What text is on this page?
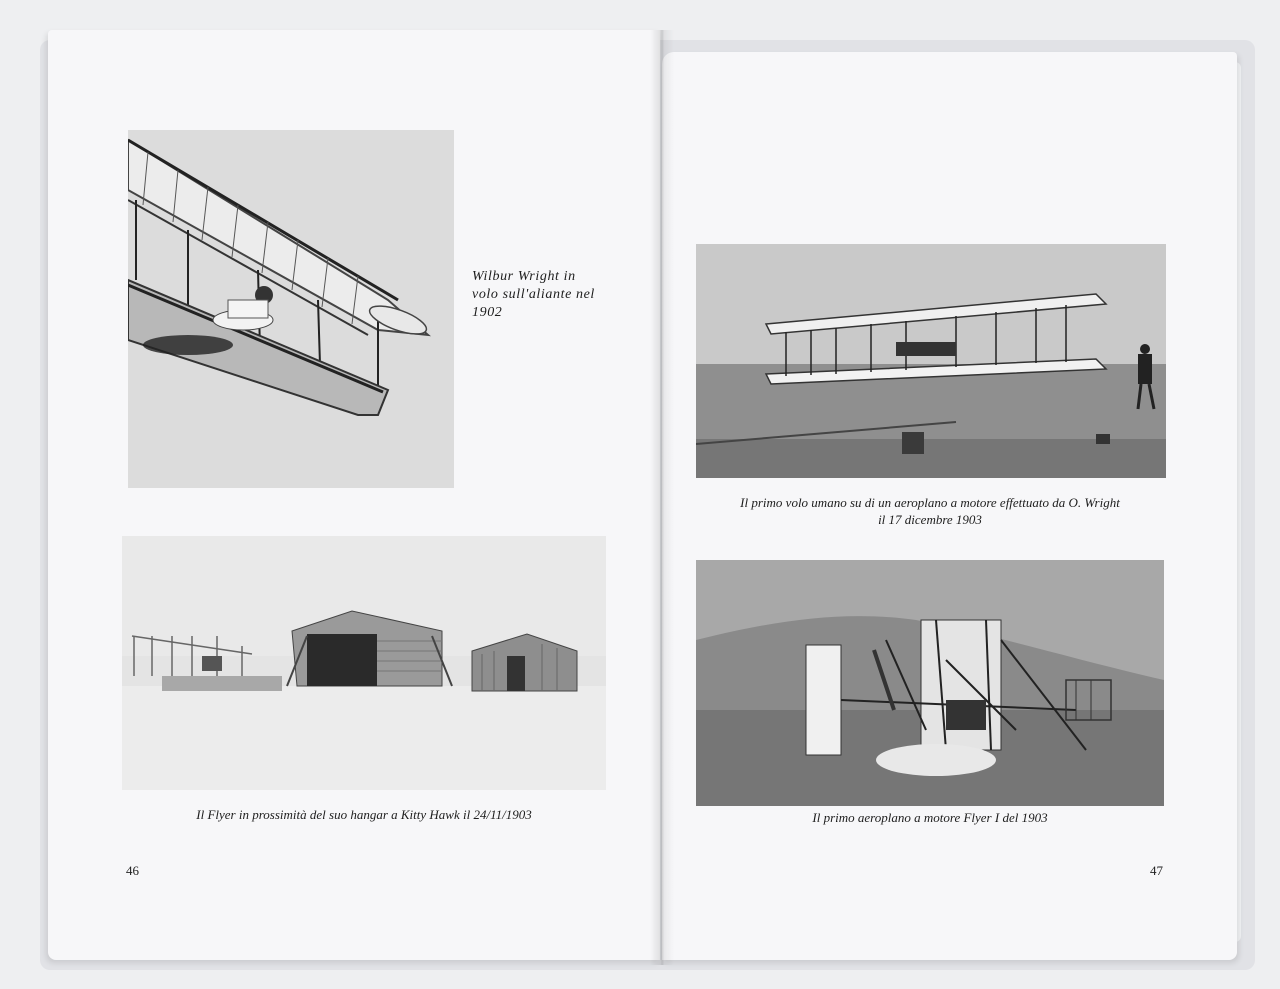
Wilbur Wright in
volo sull'aliante nel
1902
Il Flyer in prossimità del suo hangar a Kitty Hawk il 24/11/1903
46
Il primo volo umano su di un aeroplano a motore effettuato da O. Wright
il 17 dicembre 1903
Il primo aeroplano a motore Flyer I del 1903
47
